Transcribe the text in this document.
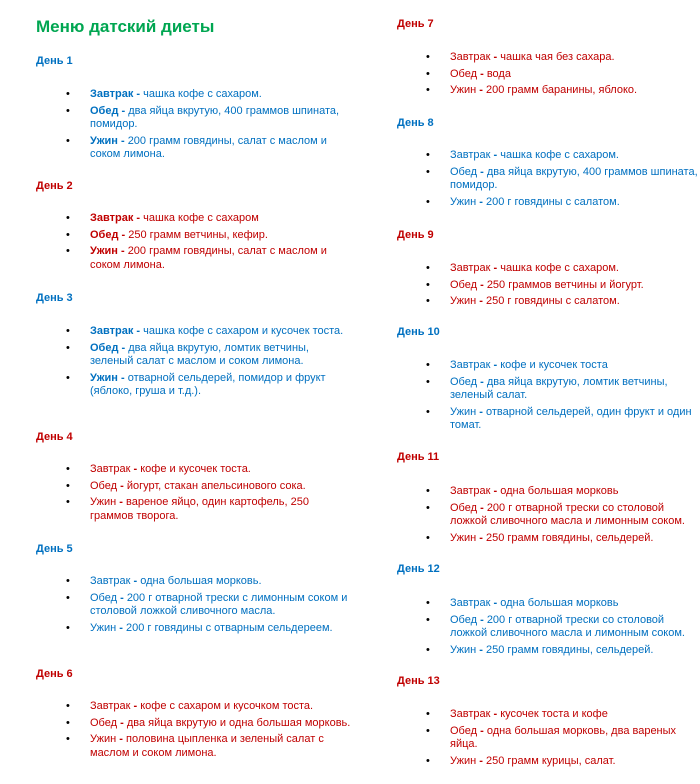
Меню датский диеты
День 1
• Завтрак - чашка кофе с сахаром.
• Обед - два яйца вкрутую, 400 граммов шпината, помидор.
• Ужин - 200 грамм говядины, салат с маслом и соком лимона.
День 2
• Завтрак - чашка кофе с сахаром
• Обед - 250 грамм ветчины, кефир.
• Ужин - 200 грамм говядины, салат с маслом и соком лимона.
День 3
• Завтрак - чашка кофе с сахаром и кусочек тоста.
• Обед - два яйца вкрутую, ломтик ветчины, зеленый салат с маслом и соком лимона.
• Ужин - отварной сельдерей, помидор и фрукт (яблоко, груша и т.д.).
День 4
• Завтрак - кофе и кусочек тоста.
• Обед - йогурт, стакан апельсинового сока.
• Ужин - вареное яйцо, один картофель, 250 граммов творога.
День 5
• Завтрак - одна большая морковь.
• Обед - 200 г отварной трески с лимонным соком и столовой ложкой сливочного масла.
• Ужин - 200 г говядины с отварным сельдереем.
День 6
• Завтрак - кофе с сахаром и кусочком тоста.
• Обед - два яйца вкрутую и одна большая морковь.
• Ужин - половина цыпленка и зеленый салат с маслом и соком лимона.
День 7
• Завтрак - чашка чая без сахара.
• Обед - вода
• Ужин - 200 грамм баранины, яблоко.
День 8
• Завтрак - чашка кофе с сахаром.
• Обед - два яйца вкрутую, 400 граммов шпината, помидор.
• Ужин - 200 г говядины с салатом.
День 9
• Завтрак - чашка кофе с сахаром.
• Обед - 250 граммов ветчины и йогурт.
• Ужин - 250 г говядины с салатом.
День 10
• Завтрак - кофе и кусочек тоста
• Обед - два яйца вкрутую, ломтик ветчины, зеленый салат.
• Ужин - отварной сельдерей, один фрукт и один томат.
День 11
• Завтрак - одна большая морковь
• Обед - 200 г отварной трески со столовой ложкой сливочного масла и лимонным соком.
• Ужин - 250 грамм говядины, сельдерей.
День 12
• Завтрак - одна большая морковь
• Обед - 200 г отварной трески со столовой ложкой сливочного масла и лимонным соком.
• Ужин - 250 грамм говядины, сельдерей.
День 13
• Завтрак - кусочек тоста и кофе
• Обед - одна большая морковь, два вареных яйца.
• Ужин - 250 грамм курицы, салат.
